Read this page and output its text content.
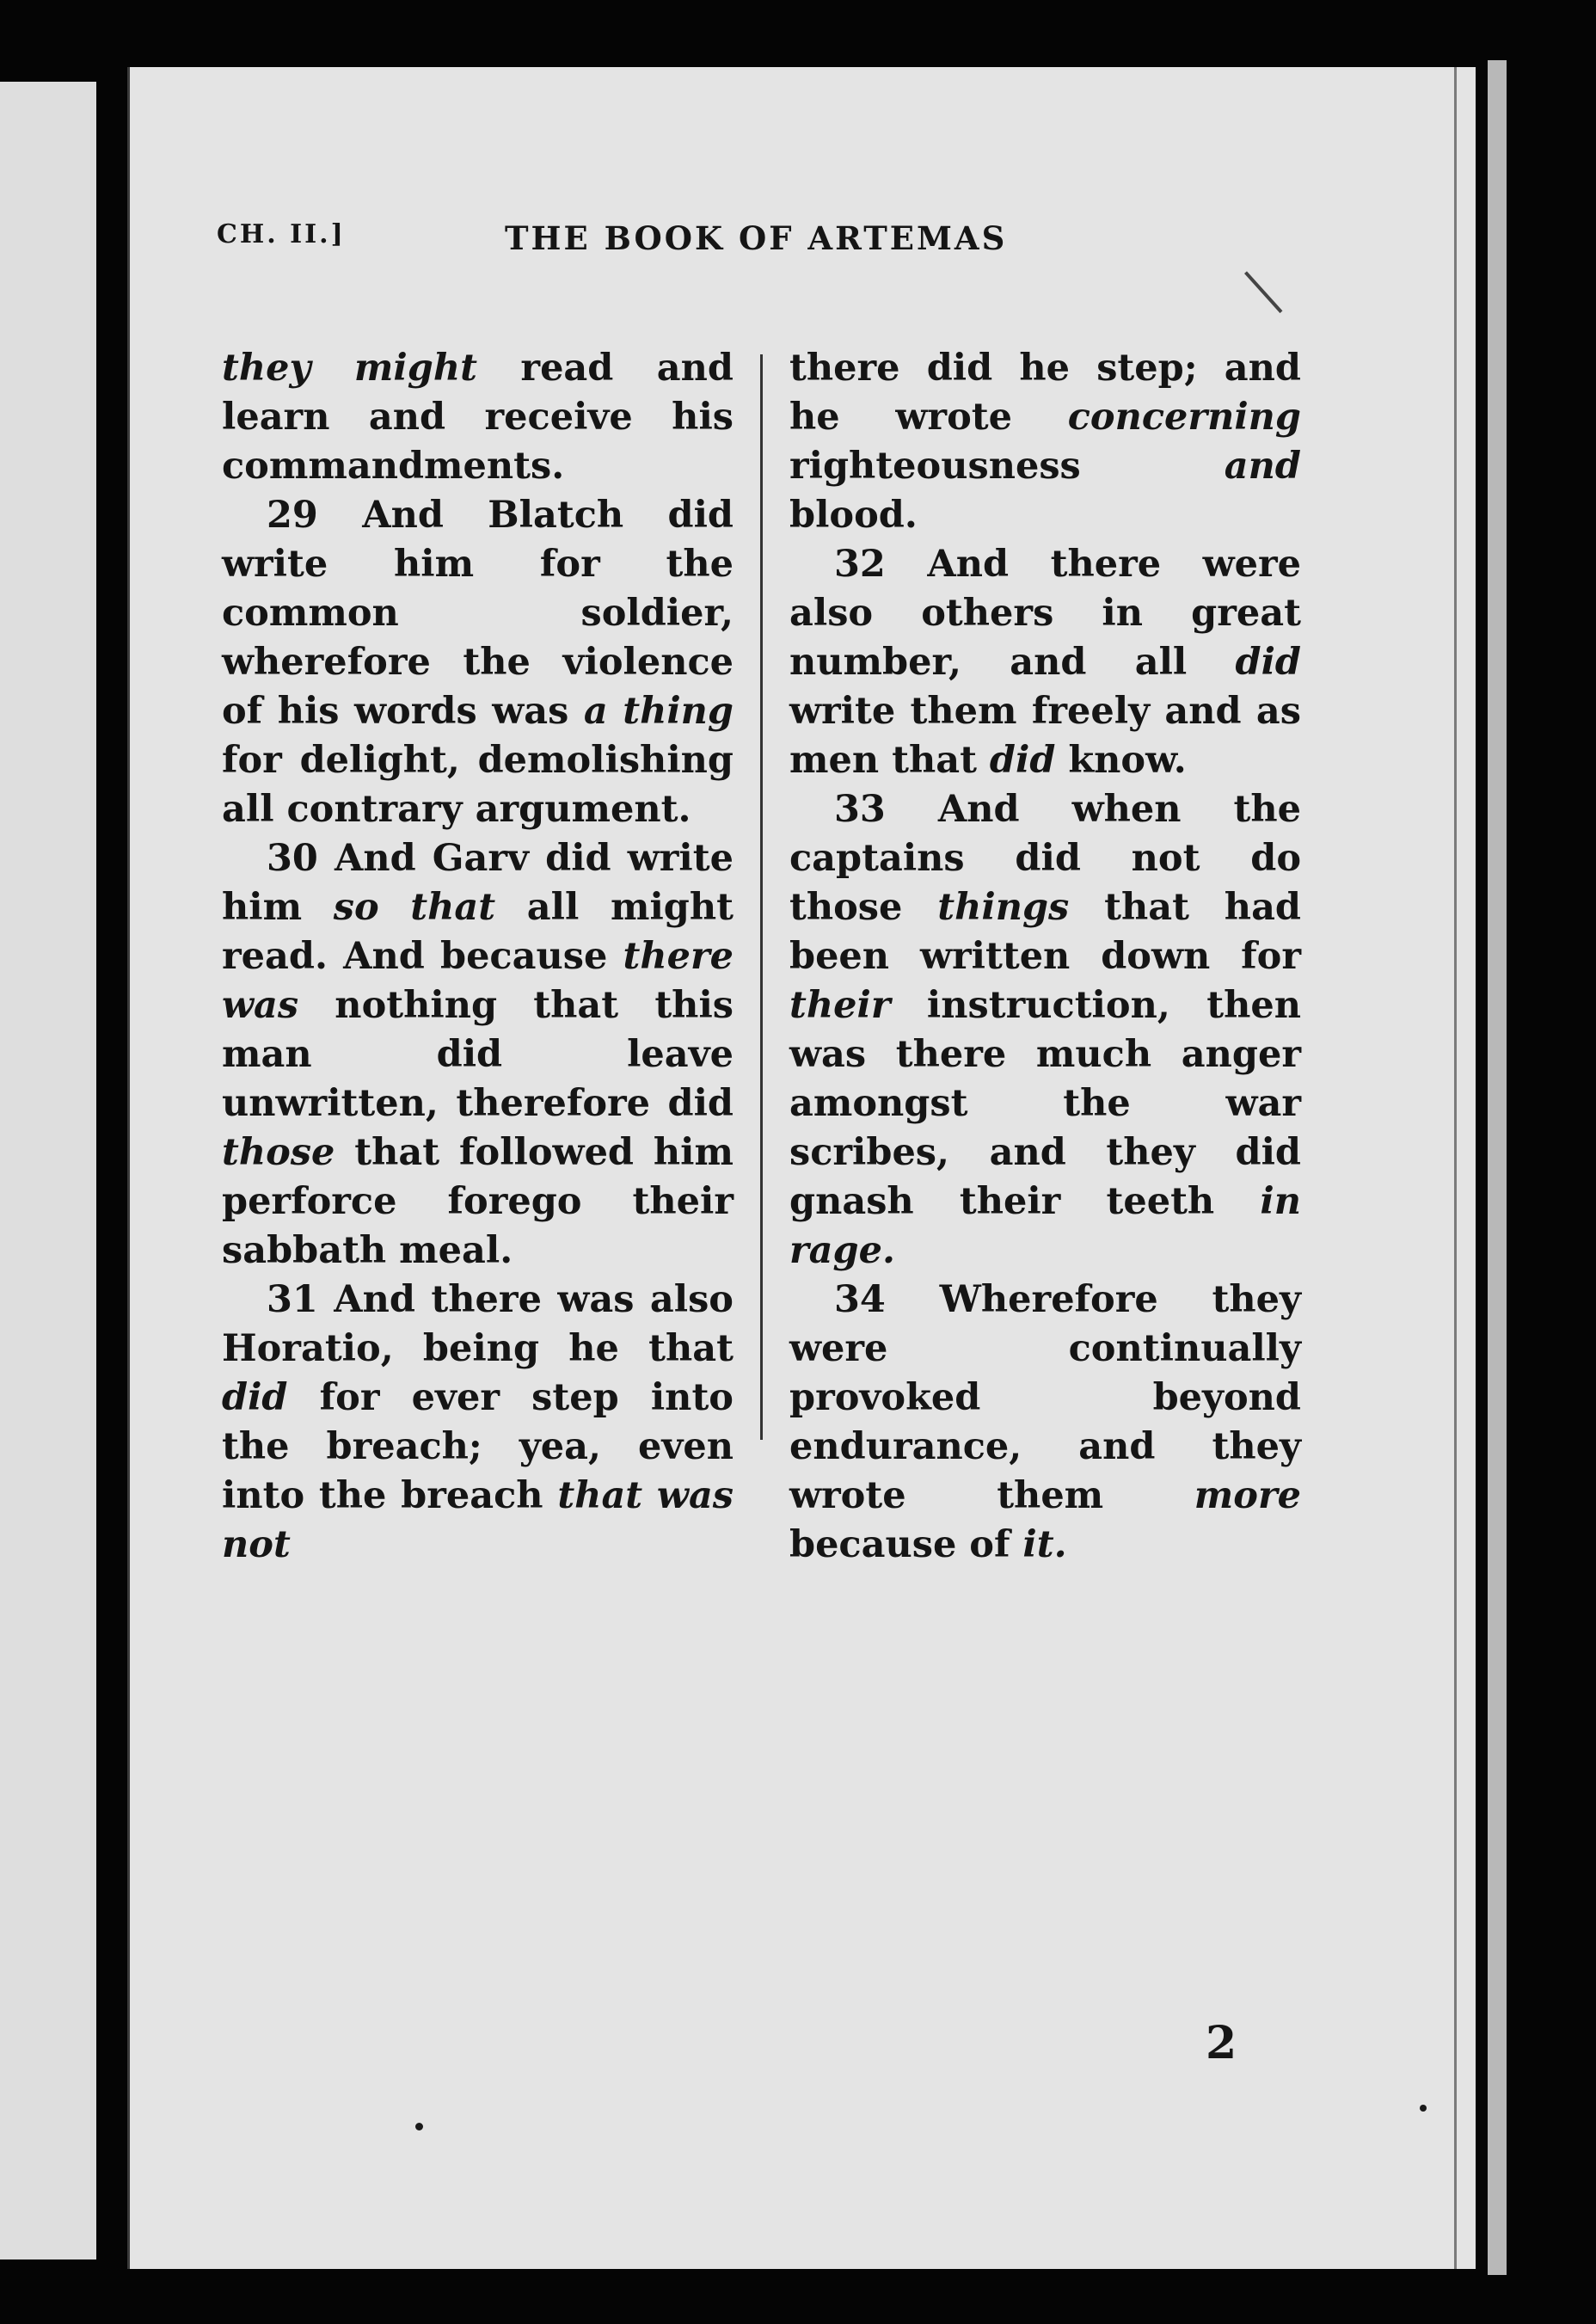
CH. II.]	THE BOOK OF ARTEMAS

they might read and learn and receive his commandments.

29 And Blatch did write him for the common soldier, wherefore the violence of his words was a thing for delight, demolishing all contrary argument.

30 And Garv did write him so that all might read. And because there was nothing that this man did leave unwritten, therefore did those that followed him perforce forego their sabbath meal.

31 And there was also Horatio, being he that did for ever step into the breach; yea, even into the breach that was not

there did he step; and he wrote concerning righteousness and blood.

32 And there were also others in great number, and all did write them freely and as men that did know.

33 And when the captains did not do those things that had been written down for their instruction, then was there much anger amongst the war scribes, and they did gnash their teeth in rage.

34 Wherefore they were continually provoked beyond endurance, and they wrote them more because of it.

2
